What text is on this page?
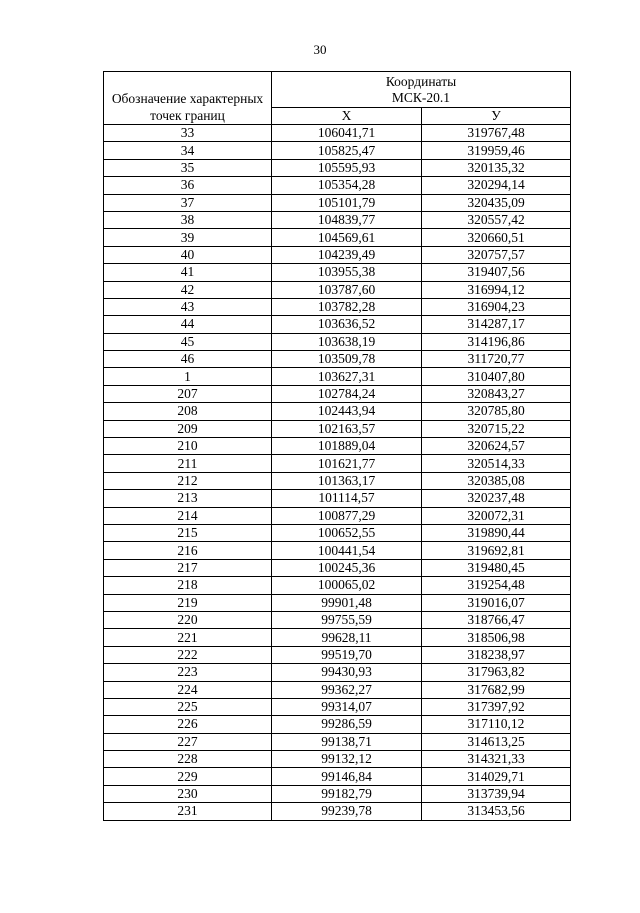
30
Обозначение характерных точек границ	Координаты
МСК-20.1	

	X	У
33	106041,71	319767,48
34	105825,47	319959,46
35	105595,93	320135,32
36	105354,28	320294,14
37	105101,79	320435,09
38	104839,77	320557,42
39	104569,61	320660,51
40	104239,49	320757,57
41	103955,38	319407,56
42	103787,60	316994,12
43	103782,28	316904,23
44	103636,52	314287,17
45	103638,19	314196,86
46	103509,78	311720,77
1	103627,31	310407,80
207	102784,24	320843,27
208	102443,94	320785,80
209	102163,57	320715,22
210	101889,04	320624,57
211	101621,77	320514,33
212	101363,17	320385,08
213	101114,57	320237,48
214	100877,29	320072,31
215	100652,55	319890,44
216	100441,54	319692,81
217	100245,36	319480,45
218	100065,02	319254,48
219	99901,48	319016,07
220	99755,59	318766,47
221	99628,11	318506,98
222	99519,70	318238,97
223	99430,93	317963,82
224	99362,27	317682,99
225	99314,07	317397,92
226	99286,59	317110,12
227	99138,71	314613,25
228	99132,12	314321,33
229	99146,84	314029,71
230	99182,79	313739,94
231	99239,78	313453,56
